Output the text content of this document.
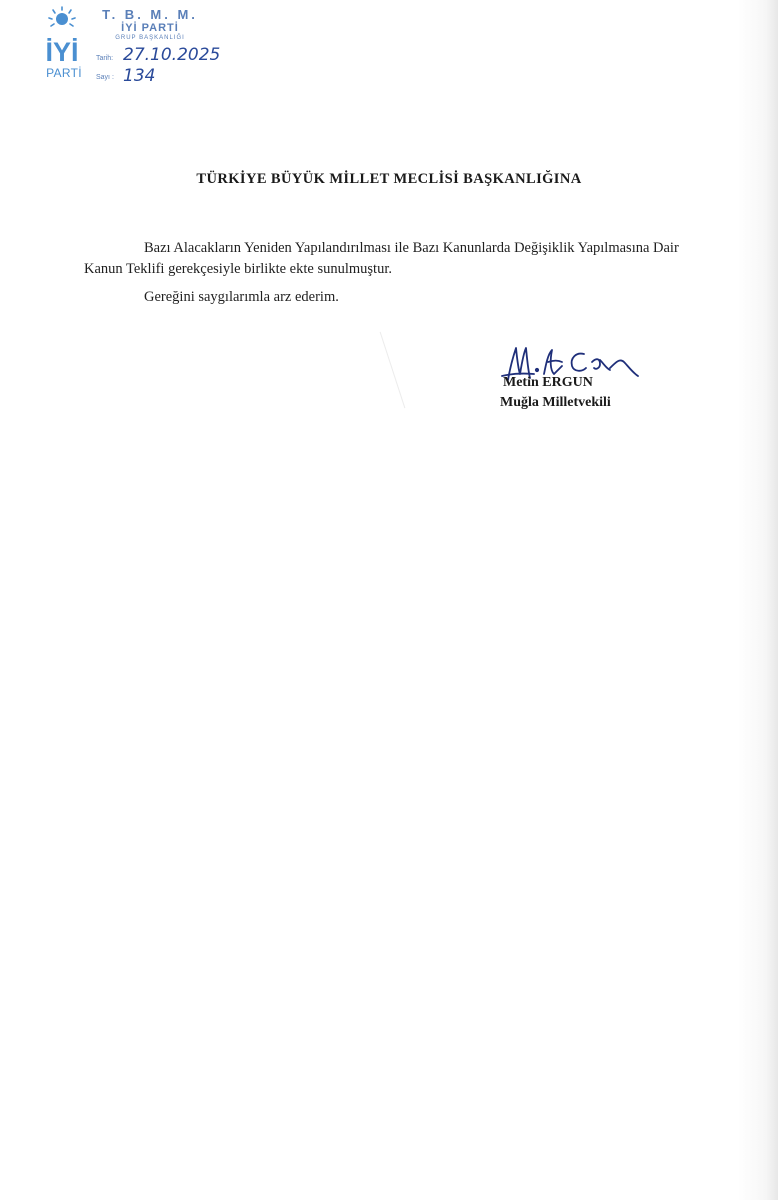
İYİ
PARTİ
T. B. M. M.
İYİ PARTİ
GRUP BAŞKANLIĞI
Tarih: 27.10.2025
Sayı : 134
TÜRKİYE BÜYÜK MİLLET MECLİSİ BAŞKANLIĞINA
Bazı Alacakların Yeniden Yapılandırılması ile Bazı Kanunlarda Değişiklik Yapılmasına Dair Kanun Teklifi gerekçesiyle birlikte ekte sunulmuştur.
Gereğini saygılarımla arz ederim.
Metin ERGUN
Muğla Milletvekili
